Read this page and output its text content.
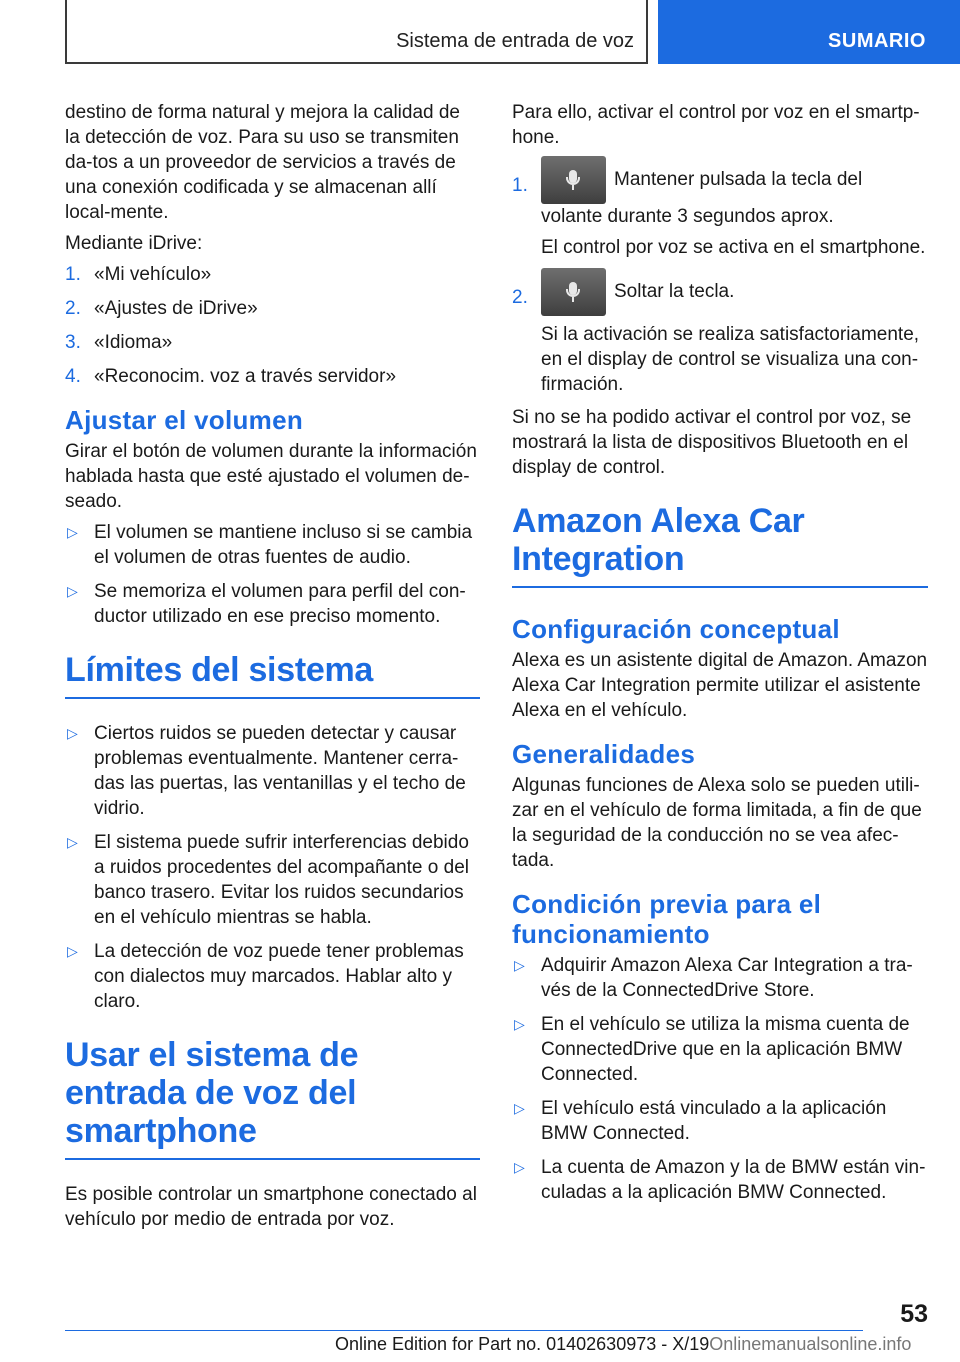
Sistema de entrada de voz	SUMARIO

destino de forma natural y mejora la calidad de la detección de voz. Para su uso se transmiten da-tos a un proveedor de servicios a través de una conexión codificada y se almacenan allí local-mente.

Mediante iDrive:

1. «Mi vehículo»
2. «Ajustes de iDrive»
3. «Idioma»
4. «Reconocim. voz a través servidor»
Ajustar el volumen

Girar el botón de volumen durante la información hablada hasta que esté ajustado el volumen de-seado.

▷ El volumen se mantiene incluso si se cambia el volumen de otras fuentes de audio.
▷ Se memoriza el volumen para perfil del con-ductor utilizado en ese preciso momento.
Límites del sistema
▷ Ciertos ruidos se pueden detectar y causar problemas eventualmente. Mantener cerra-das las puertas, las ventanillas y el techo de vidrio.
▷ El sistema puede sufrir interferencias debido a ruidos procedentes del acompañante o del banco trasero. Evitar los ruidos secundarios en el vehículo mientras se habla.
▷ La detección de voz puede tener problemas con dialectos muy marcados. Hablar alto y claro.
Usar el sistema de entrada de voz del smartphone

Es posible controlar un smartphone conectado al vehículo por medio de entrada por voz.

Para ello, activar el control por voz en el smartp-hone.

1.	Mantener pulsada la tecla del volante durante 3 segundos aprox.

El control por voz se activa en el smartphone.

2.	Soltar la tecla.

Si la activación se realiza satisfactoriamente, en el display de control se visualiza una con-firmación.

Si no se ha podido activar el control por voz, se mostrará la lista de dispositivos Bluetooth en el display de control.

Amazon Alexa Car Integration
Configuración conceptual

Alexa es un asistente digital de Amazon. Amazon Alexa Car Integration permite utilizar el asistente Alexa en el vehículo.

Generalidades

Algunas funciones de Alexa solo se pueden utili-zar en el vehículo de forma limitada, a fin de que la seguridad de la conducción no se vea afec-tada.

Condición previa para el funcionamiento
▷ Adquirir Amazon Alexa Car Integration a tra-vés de la ConnectedDrive Store.
▷ En el vehículo se utiliza la misma cuenta de ConnectedDrive que en la aplicación BMW Connected.
▷ El vehículo está vinculado a la aplicación BMW Connected.
▷ La cuenta de Amazon y la de BMW están vin-culadas a la aplicación BMW Connected.
53
Online Edition for Part no. 01402630973 - X/19Onlinemanualsonline.info
